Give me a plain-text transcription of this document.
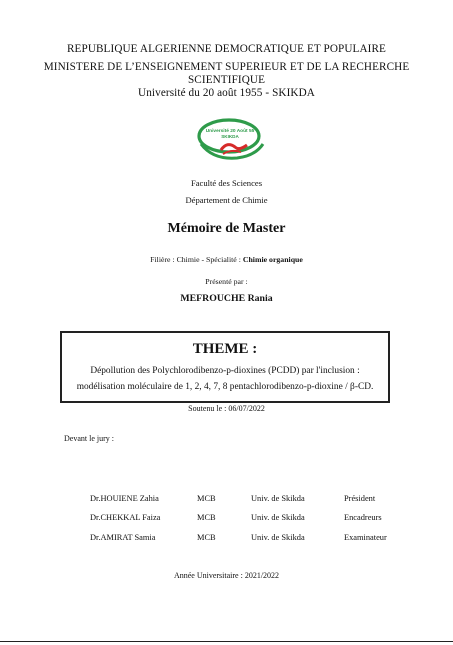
REPUBLIQUE ALGERIENNE DEMOCRATIQUE ET POPULAIRE
MINISTERE DE L’ENSEIGNEMENT SUPERIEUR ET DE LA RECHERCHE
SCIENTIFIQUE
Université du 20 août 1955 - SKIKDA
Université 20 Août 55
SKIKDA
Faculté des Sciences
Département de Chimie
Mémoire de Master
Filière : Chimie - Spécialité : Chimie organique
Présenté par :
MEFROUCHE Rania
THEME :
Dépollution des Polychlorodibenzo-p-dioxines (PCDD) par l'inclusion :
modélisation moléculaire de 1, 2, 4, 7, 8 pentachlorodibenzo-p-dioxine / β-CD.
Soutenu le : 06/07/2022
Devant le jury :
Dr.HOUIENE Zahia	MCB	Univ. de Skikda	Président
Dr.CHEKKAL Faiza	MCB	Univ. de Skikda	Encadreurs
Dr.AMIRAT Samia	MCB	Univ. de Skikda	Examinateur
Année Universitaire : 2021/2022
